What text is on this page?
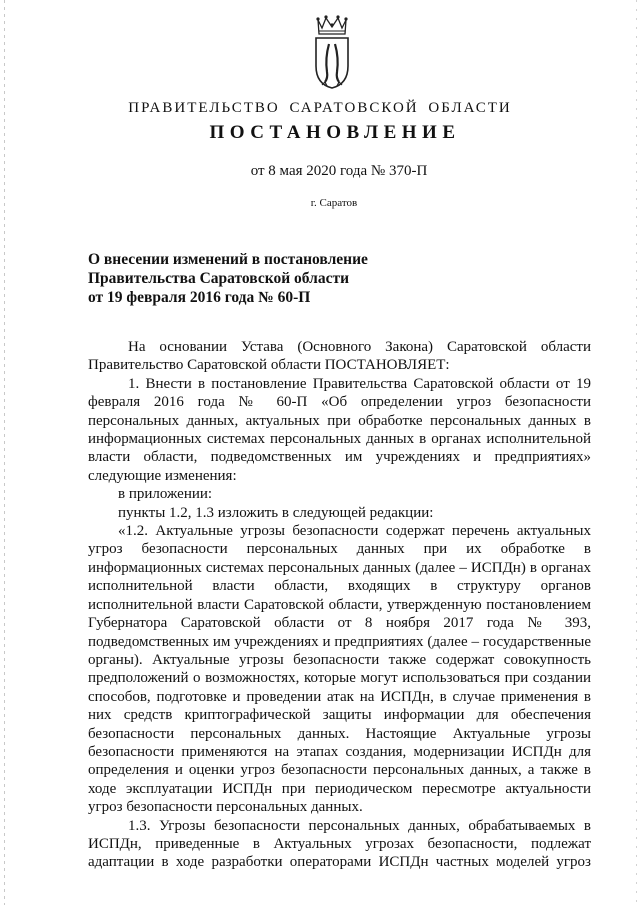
ПРАВИТЕЛЬСТВО САРАТОВСКОЙ ОБЛАСТИ
ПОСТАНОВЛЕНИЕ
от 8 мая 2020 года № 370-П
г. Саратов
О внесении изменений в постановление
Правительства Саратовской области
от 19 февраля 2016 года № 60-П

На основании Устава (Основного Закона) Саратовской области Правительство Саратовской области ПОСТАНОВЛЯЕТ:

1. Внести в постановление Правительства Саратовской области от 19 февраля 2016 года № 60-П «Об определении угроз безопасности персональных данных, актуальных при обработке персональных данных в информационных системах персональных данных в органах исполнительной власти области, подведомственных им учреждениях и предприятиях» следующие изменения:

в приложении:

пункты 1.2, 1.3 изложить в следующей редакции:

«1.2. Актуальные угрозы безопасности содержат перечень актуальных угроз безопасности персональных данных при их обработке в информационных системах персональных данных (далее – ИСПДн) в органах исполнительной власти области, входящих в структуру органов исполнительной власти Саратовской области, утвержденную постановлением Губернатора Саратовской области от 8 ноября 2017 года № 393, подведомственных им учреждениях и предприятиях (далее – государственные органы). Актуальные угрозы безопасности также содержат совокупность предположений о возможностях, которые могут использоваться при создании способов, подготовке и проведении атак на ИСПДн, в случае применения в них средств криптографической защиты информации для обеспечения безопасности персональных данных. Настоящие Актуальные угрозы безопасности применяются на этапах создания, модернизации ИСПДн для определения и оценки угроз безопасности персональных данных, а также в ходе эксплуатации ИСПДн при периодическом пересмотре актуальности угроз безопасности персональных данных.

1.3. Угрозы безопасности персональных данных, обрабатываемых в ИСПДн, приведенные в Актуальных угрозах безопасности, подлежат адаптации в ходе разработки операторами ИСПДн частных моделей угроз
